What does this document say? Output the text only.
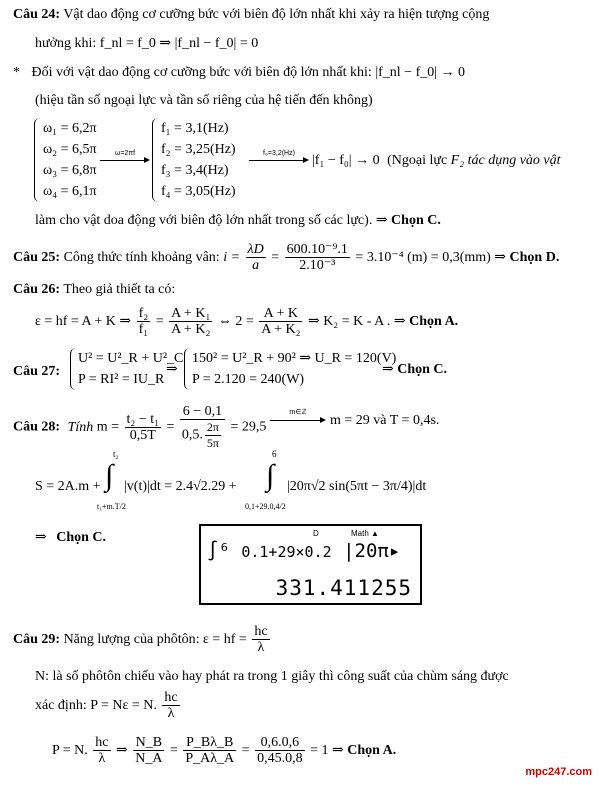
Câu 24: Vật dao động cơ cưỡng bức với biên độ lớn nhất khi xảy ra hiện tượng cộng
hưởng khi: f_nl = f_0 ⇒ |f_nl − f_0| = 0
* Đối với vật dao động cơ cưỡng bức với biên độ lớn nhất khi: |f_nl − f_0| → 0
(hiệu tần số ngoại lực và tần số riêng của hệ tiến đến không)
ω₁ = 6,2π
ω₂ = 6,5π
ω₃ = 6,8π
ω₄ = 6,1π
ω=2πf
f₁ = 3,1(Hz)
f₂ = 3,25(Hz)
f₃ = 3,4(Hz)
f₄ = 3,05(Hz)
f₀=3,2(Hz)	|f₁ − f₀| → 0 (Ngoại lực F₂ tác dụng vào vật
làm cho vật doa động với biên độ lớn nhất trong số các lực). ⇒ Chọn C.
Câu 25: Công thức tính khoảng vân: $i = \frac{\lambda D}{a} = \frac{\text{600.10⁻⁹.1}}{\text{2.10⁻³}} = 3.10^{-4}$ (m) = 0,3(mm) ⇒ Chọn D.
Câu 26: Theo giả thiết ta có:
ε = hf = A + K ⇒ $\frac{\text{f₂}}{\text{f₁}} = \frac{\text{A + K₁}}{\text{A + K₂}}$ ⇔ $2 = \frac{A + K}{\text{A + K₂}}$ ⇒ K₂ = K - A . ⇒ Chọn A.
Câu 27:
U² = U²_R + U²_C
P = RI² = IU_R
⇒
150² = U²_R + 90² ⇒ U_R = 120(V)
P = 2.120 = 240(W)
⇒ Chọn C.
Câu 28: Tính $m = \frac{\text{t₂ − t₁}}{0,5T} = \frac{6 - 0,1}{0,5. \frac{2\pi}{5\pi}} = 29,5$
m∈ℤ
m = 29 và T = 0,4s.
S = 2A.m + ∫
t₂
t₁+m.T/2
|v(t)|dt = 2.4√2.29 + ∫
6
0,1+29.0,4/2
|20π√2 sin(5πt − 3π/4)|dt
⇒ Chọn C.	D	Math ▲
∫⁶ 0.1+29×0.2 |20π▸
331.411255
Câu 29: Năng lượng của phôtôn: ε = hf = $\frac{hc}{\lambda}$
N: là số phôtôn chiếu vào hay phát ra trong 1 giây thì công suất của chùm sáng được
xác định: P = Nε = N. $\frac{hc}{\lambda}$
P = N. $\frac{hc}{\lambda}$ ⇒ $\frac{N\_B}{N\_A} = \frac{P\_B\lambda\_B}{P\_A\lambda\_A} = \frac{0,6.0,6}{0,45.0,8} = 1$ ⇒ Chọn A.
mpc247.com
